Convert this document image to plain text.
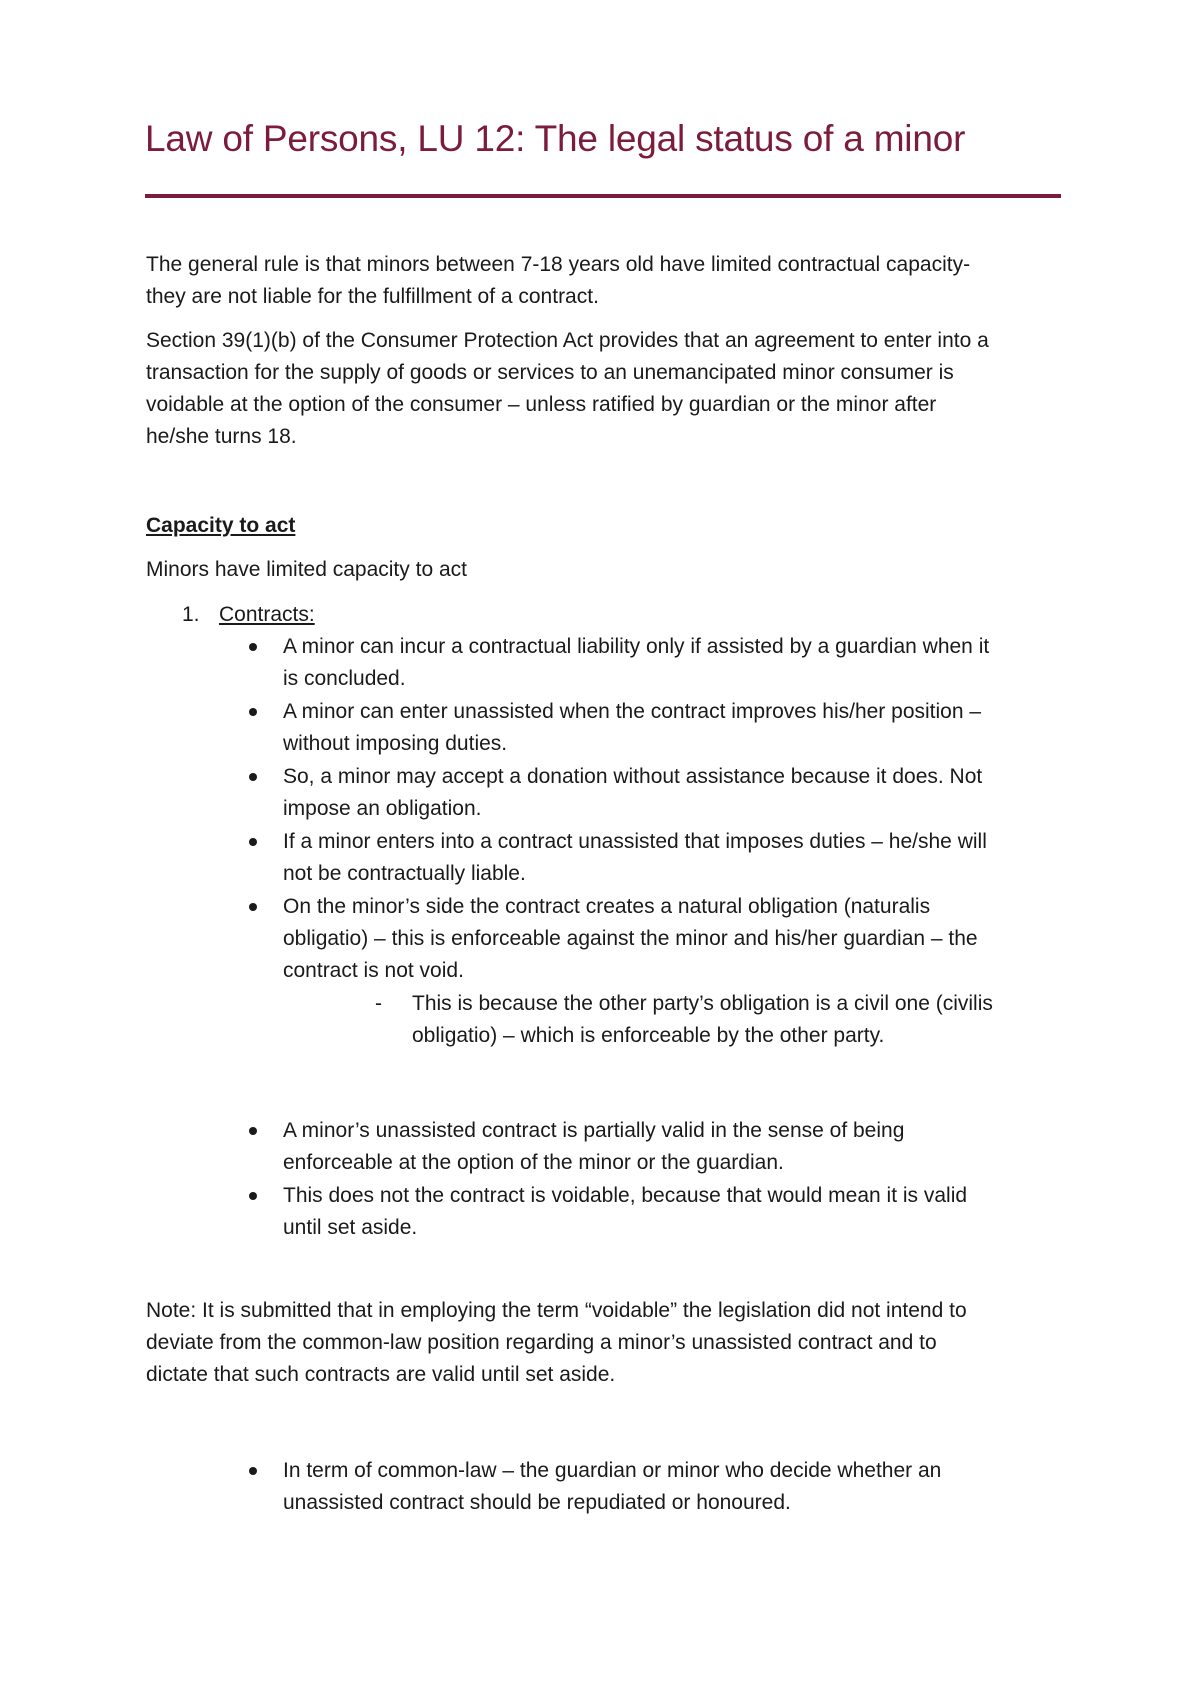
Law of Persons, LU 12: The legal status of a minor
The general rule is that minors between 7-18 years old have limited contractual capacity-
they are not liable for the fulfillment of a contract.
Section 39(1)(b) of the Consumer Protection Act provides that an agreement to enter into a
transaction for the supply of goods or services to an unemancipated minor consumer is
voidable at the option of the consumer – unless ratified by guardian or the minor after
he/she turns 18.
Capacity to act
Minors have limited capacity to act
1. Contracts:
A minor can incur a contractual liability only if assisted by a guardian when it
is concluded.
A minor can enter unassisted when the contract improves his/her position –
without imposing duties.
So, a minor may accept a donation without assistance because it does. Not
impose an obligation.
If a minor enters into a contract unassisted that imposes duties – he/she will
not be contractually liable.
On the minor’s side the contract creates a natural obligation (naturalis
obligatio) – this is enforceable against the minor and his/her guardian – the
contract is not void.
- This is because the other party’s obligation is a civil one (civilis
obligatio) – which is enforceable by the other party.
A minor’s unassisted contract is partially valid in the sense of being
enforceable at the option of the minor or the guardian.
This does not the contract is voidable, because that would mean it is valid
until set aside.
Note: It is submitted that in employing the term “voidable” the legislation did not intend to
deviate from the common-law position regarding a minor’s unassisted contract and to
dictate that such contracts are valid until set aside.
In term of common-law – the guardian or minor who decide whether an
unassisted contract should be repudiated or honoured.
